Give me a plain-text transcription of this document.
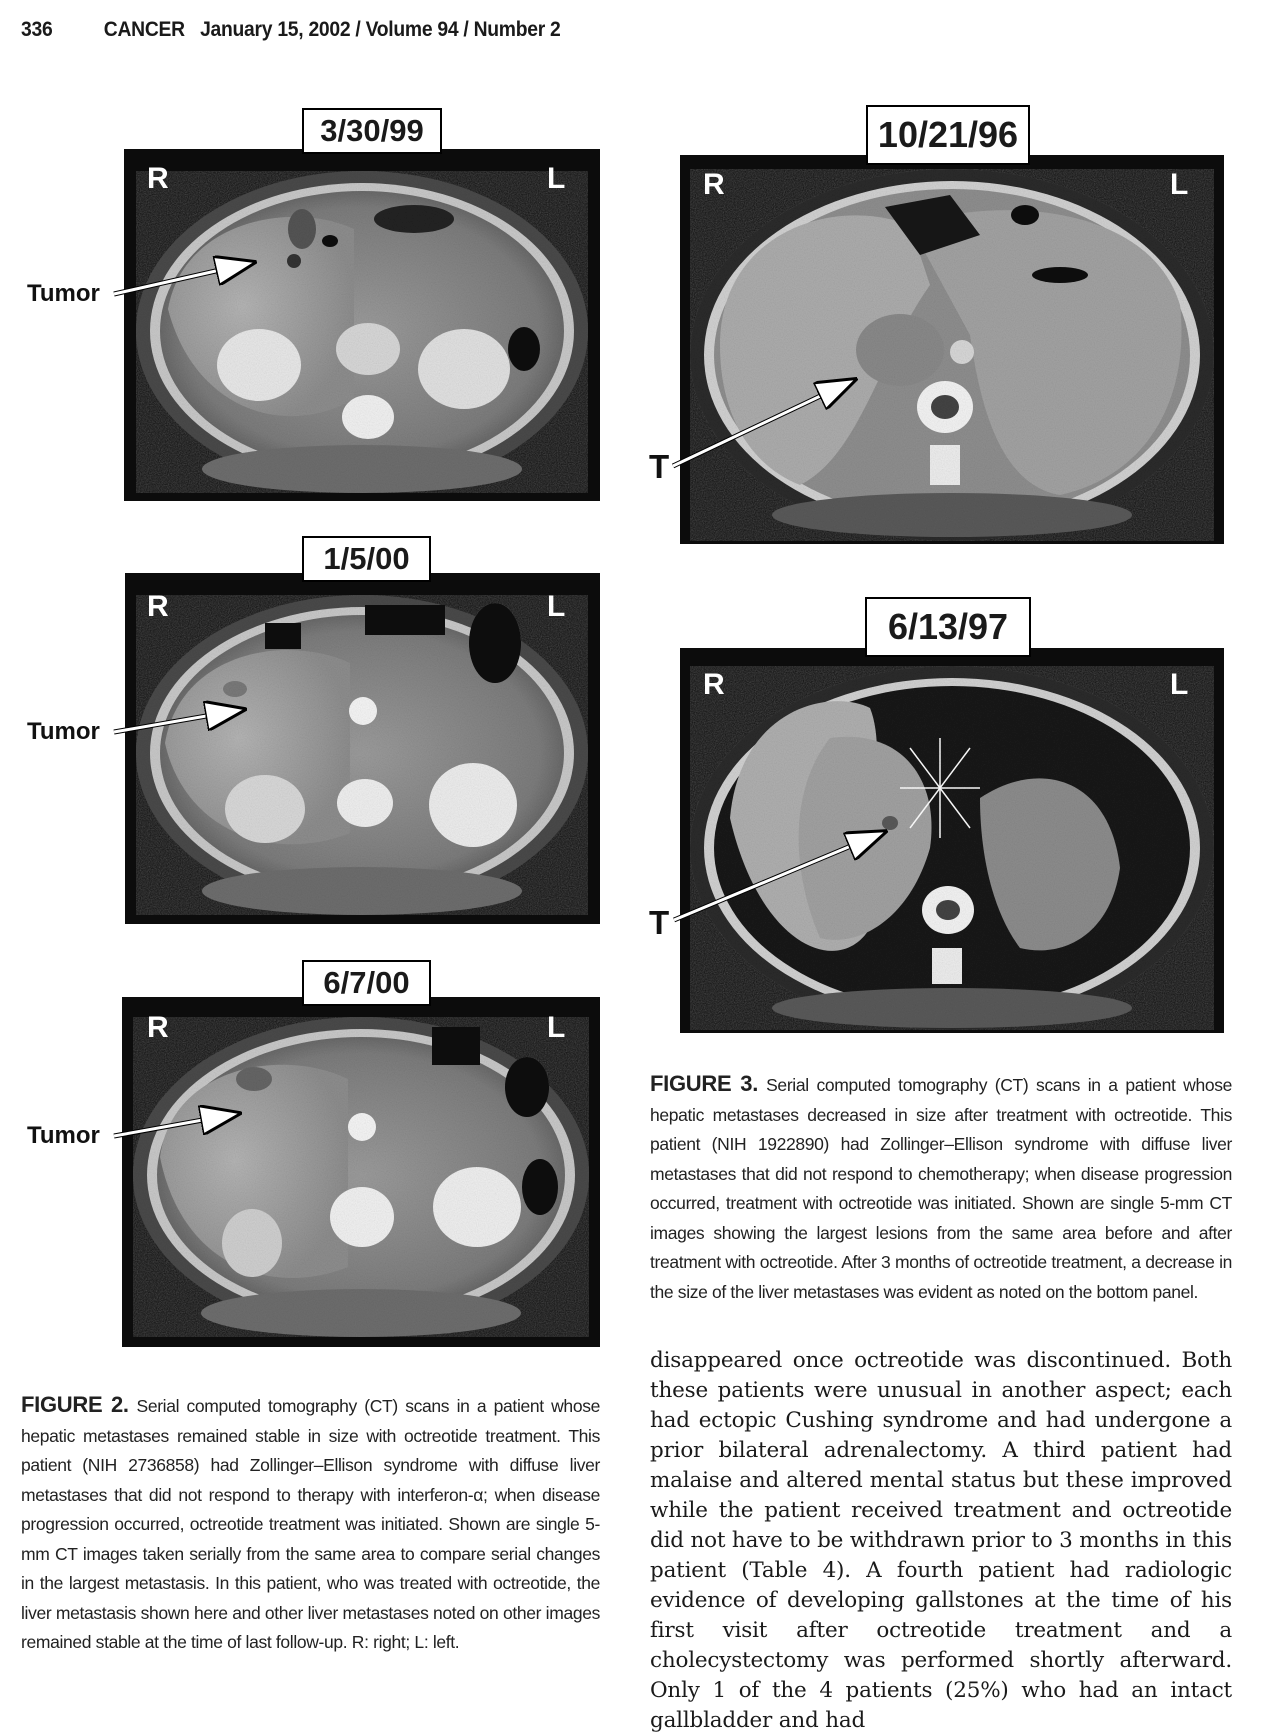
336 CANCER   January 15, 2002 / Volume 94 / Number 2
3/30/99
R	L
Tumor
1/5/00
R	L
Tumor
6/7/00
R	L
Tumor
FIGURE 2. Serial computed tomography (CT) scans in a patient whose hepatic metastases remained stable in size with octreotide treatment. This patient (NIH 2736858) had Zollinger–Ellison syndrome with diffuse liver metastases that did not respond to therapy with interferon-α; when disease progression occurred, octreotide treatment was initiated. Shown are single 5-mm CT images taken serially from the same area to compare serial changes in the largest metastasis. In this patient, who was treated with octreotide, the liver metastasis shown here and other liver metastases noted on other images remained stable at the time of last follow-up. R: right; L: left.
10/21/96
R	L
T
6/13/97
R	L
T
FIGURE 3. Serial computed tomography (CT) scans in a patient whose hepatic metastases decreased in size after treatment with octreotide. This patient (NIH 1922890) had Zollinger–Ellison syndrome with diffuse liver metastases that did not respond to chemotherapy; when disease progression occurred, treatment with octreotide was initiated. Shown are single 5-mm CT images showing the largest lesions from the same area before and after treatment with octreotide. After 3 months of octreotide treatment, a decrease in the size of the liver metastases was evident as noted on the bottom panel.
disappeared once octreotide was discontinued. Both these patients were unusual in another aspect; each had ectopic Cushing syndrome and had undergone a prior bilateral adrenalectomy. A third patient had malaise and altered mental status but these improved while the patient received treatment and octreotide did not have to be withdrawn prior to 3 months in this patient (Table 4). A fourth patient had radiologic evidence of developing gallstones at the time of his first visit after octreotide treatment and a cholecystectomy was performed shortly afterward. Only 1 of the 4 patients (25%) who had an intact gallbladder and had
